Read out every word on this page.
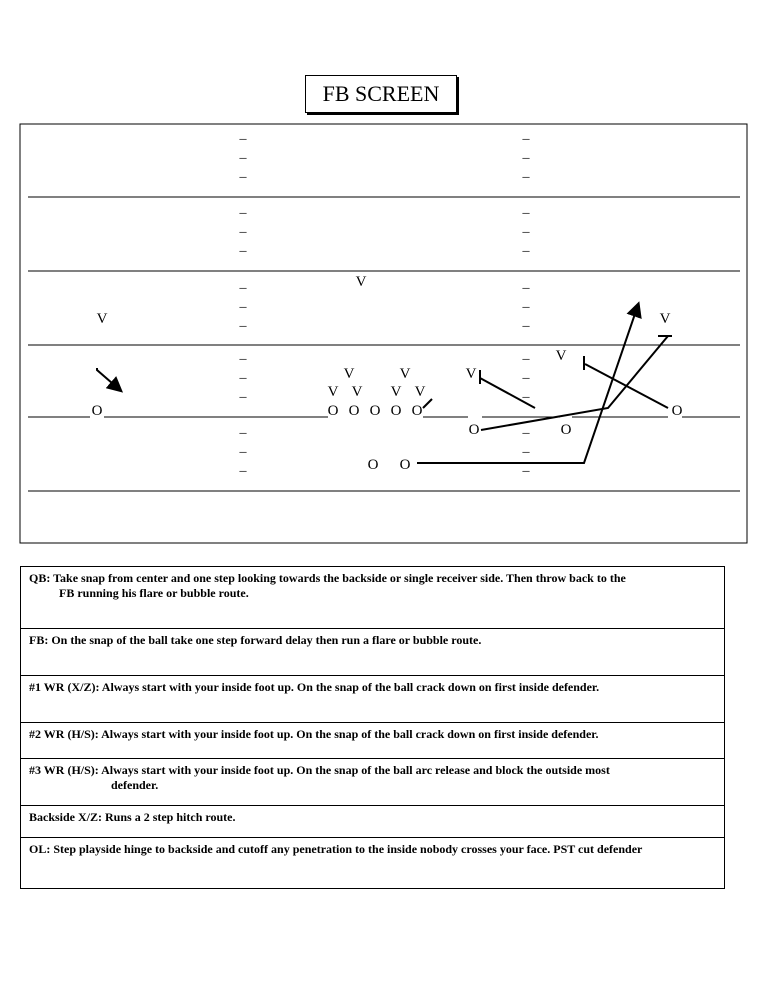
FB SCREEN
_
_
_
_
_
_
_
_
_
_
_
_
_
_
_
_
_
_
_
_
_
_
_
_
_
_
_
_
_
_
V
V	V
V
V	V	V
V V V V
O	O O O O O	O
O	O
O O
QB: Take snap from center and one step looking towards the backside or single receiver side. Then throw back to the
FB running his flare or bubble route.
FB: On the snap of the ball take one step forward delay then run a flare or bubble route.
#1 WR (X/Z): Always start with your inside foot up. On the snap of the ball crack down on first inside defender.
#2 WR (H/S): Always start with your inside foot up. On the snap of the ball crack down on first inside defender.
#3 WR (H/S): Always start with your inside foot up. On the snap of the ball arc release and block the outside most
defender.
Backside X/Z: Runs a 2 step hitch route.
OL: Step playside hinge to backside and cutoff any penetration to the inside nobody crosses your face. PST cut defender
